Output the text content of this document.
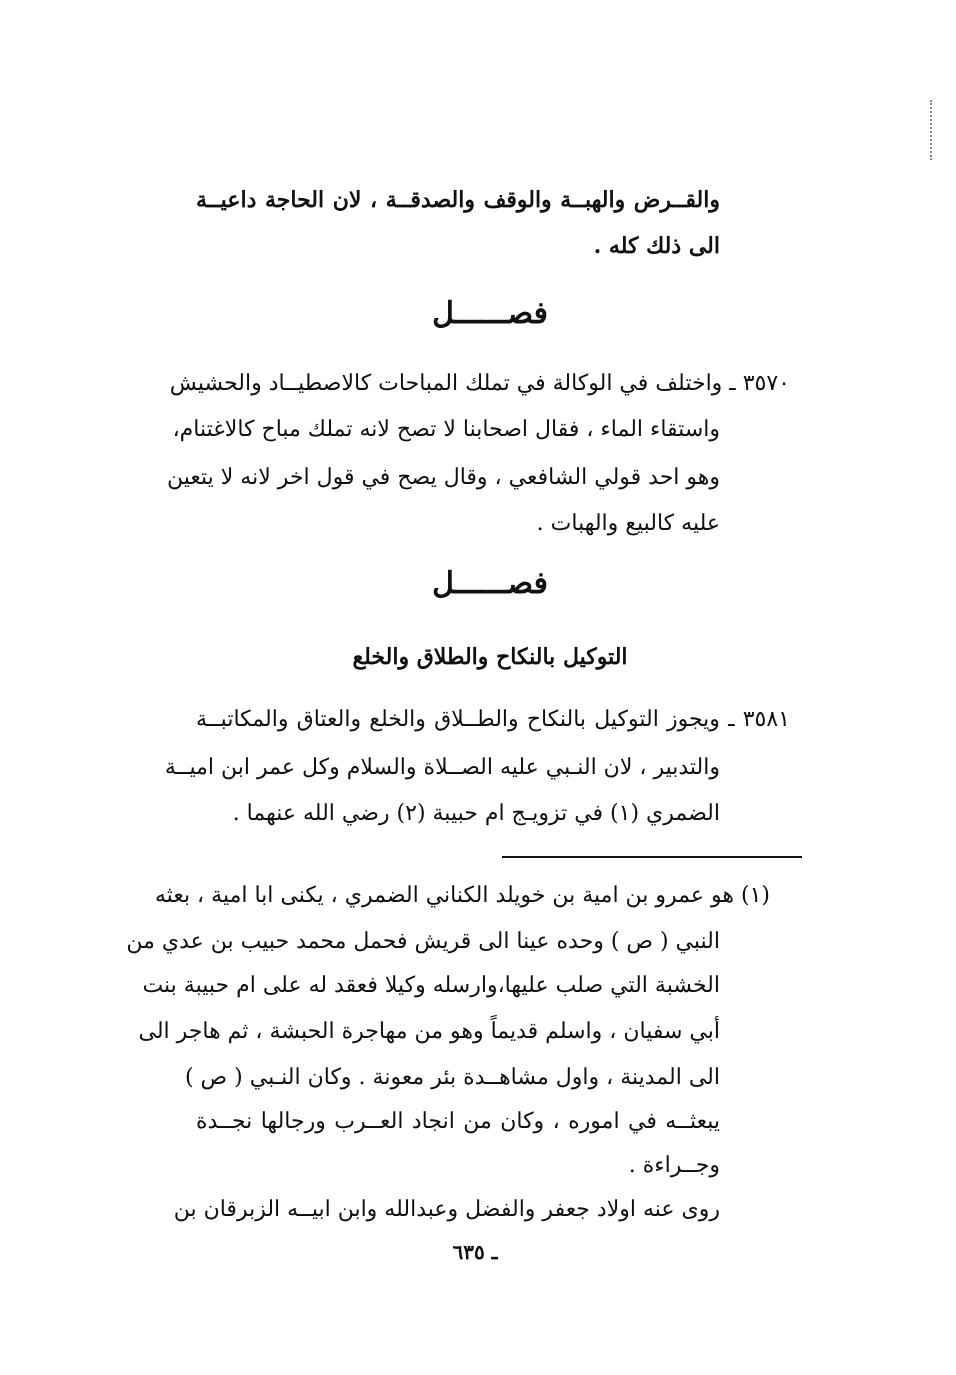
والقــرض والهبــة والوقف والصدقــة ، لان الحاجة داعيــة
الى ذلك كله .
فصــــــل
٣٥٧٠ ـ واختلف في الوكالة في تملك المباحات كالاصطيــاد والحشيش
واستقاء الماء ، فقال اصحابنا لا تصح لانه تملك مباح كالاغتنام،
وهو احد قولي الشافعي ، وقال يصح في قول اخر لانه لا يتعين
عليه كالبيع والهبات .
فصــــــل
التوكيل بالنكاح والطلاق والخلع
٣٥٨١ ـ ويجوز التوكيل بالنكاح والطــلاق والخلع والعتاق والمكاتبــة
والتدبير ، لان النـبي عليه الصــلاة والسلام وكل عمر ابن اميــة
الضمري (١) في تزويـج ام حبيبة (٢) رضي الله عنهما .
(١) هو عمرو بن امية بن خويلد الكناني الضمري ، يكنى ابا امية ، بعثه
النبي ( ص ) وحده عينا الى قريش فحمل محمد حبيب بن عدي من
الخشبة التي صلب عليها،وارسله وكيلا فعقد له على ام حبيبة بنت
أبي سفيان ، واسلم قديماً وهو من مهاجرة الحبشة ، ثم هاجر الى
الى المدينة ، واول مشاهــدة بئر معونة . وكان النـبي ( ص )
يبعثــه في اموره ، وكان من انجاد العــرب ورجالها نجــدة
وجــراءة .
روى عنه اولاد جعفر والفضل وعبدالله وابن ابيــه الزبرقان بن
ـ ٦٣٥
